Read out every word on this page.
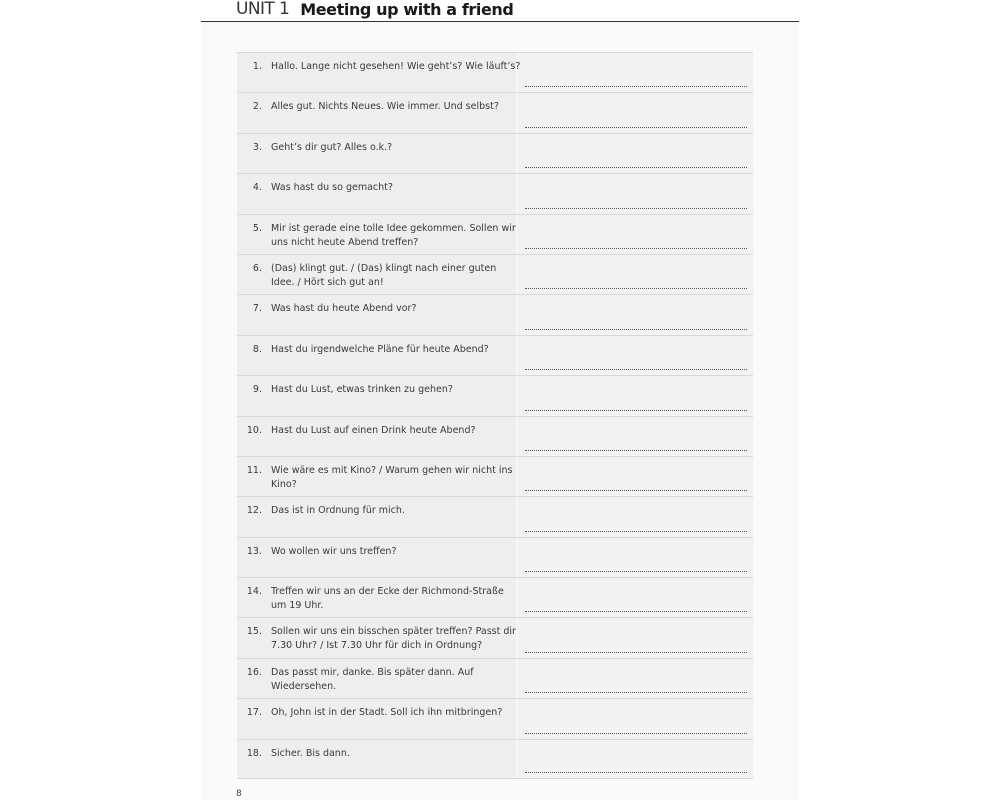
UNIT 1 Meeting up with a friend
1. Hallo. Lange nicht gesehen! Wie geht’s? Wie läuft’s?
2. Alles gut. Nichts Neues. Wie immer. Und selbst?
3. Geht’s dir gut? Alles o.k.?
4. Was hast du so gemacht?
5. Mir ist gerade eine tolle Idee gekommen. Sollen wir uns nicht heute Abend treffen?
6. (Das) klingt gut. / (Das) klingt nach einer guten Idee. / Hört sich gut an!
7. Was hast du heute Abend vor?
8. Hast du irgendwelche Pläne für heute Abend?
9. Hast du Lust, etwas trinken zu gehen?
10. Hast du Lust auf einen Drink heute Abend?
11. Wie wäre es mit Kino? / Warum gehen wir nicht ins Kino?
12. Das ist in Ordnung für mich.
13. Wo wollen wir uns treffen?
14. Treffen wir uns an der Ecke der Richmond-Straße um 19 Uhr.
15. Sollen wir uns ein bisschen später treffen? Passt dir 7.30 Uhr? / Ist 7.30 Uhr für dich in Ordnung?
16. Das passt mir, danke. Bis später dann. Auf Wiedersehen.
17. Oh, John ist in der Stadt. Soll ich ihn mitbringen?
18. Sicher. Bis dann.
8
